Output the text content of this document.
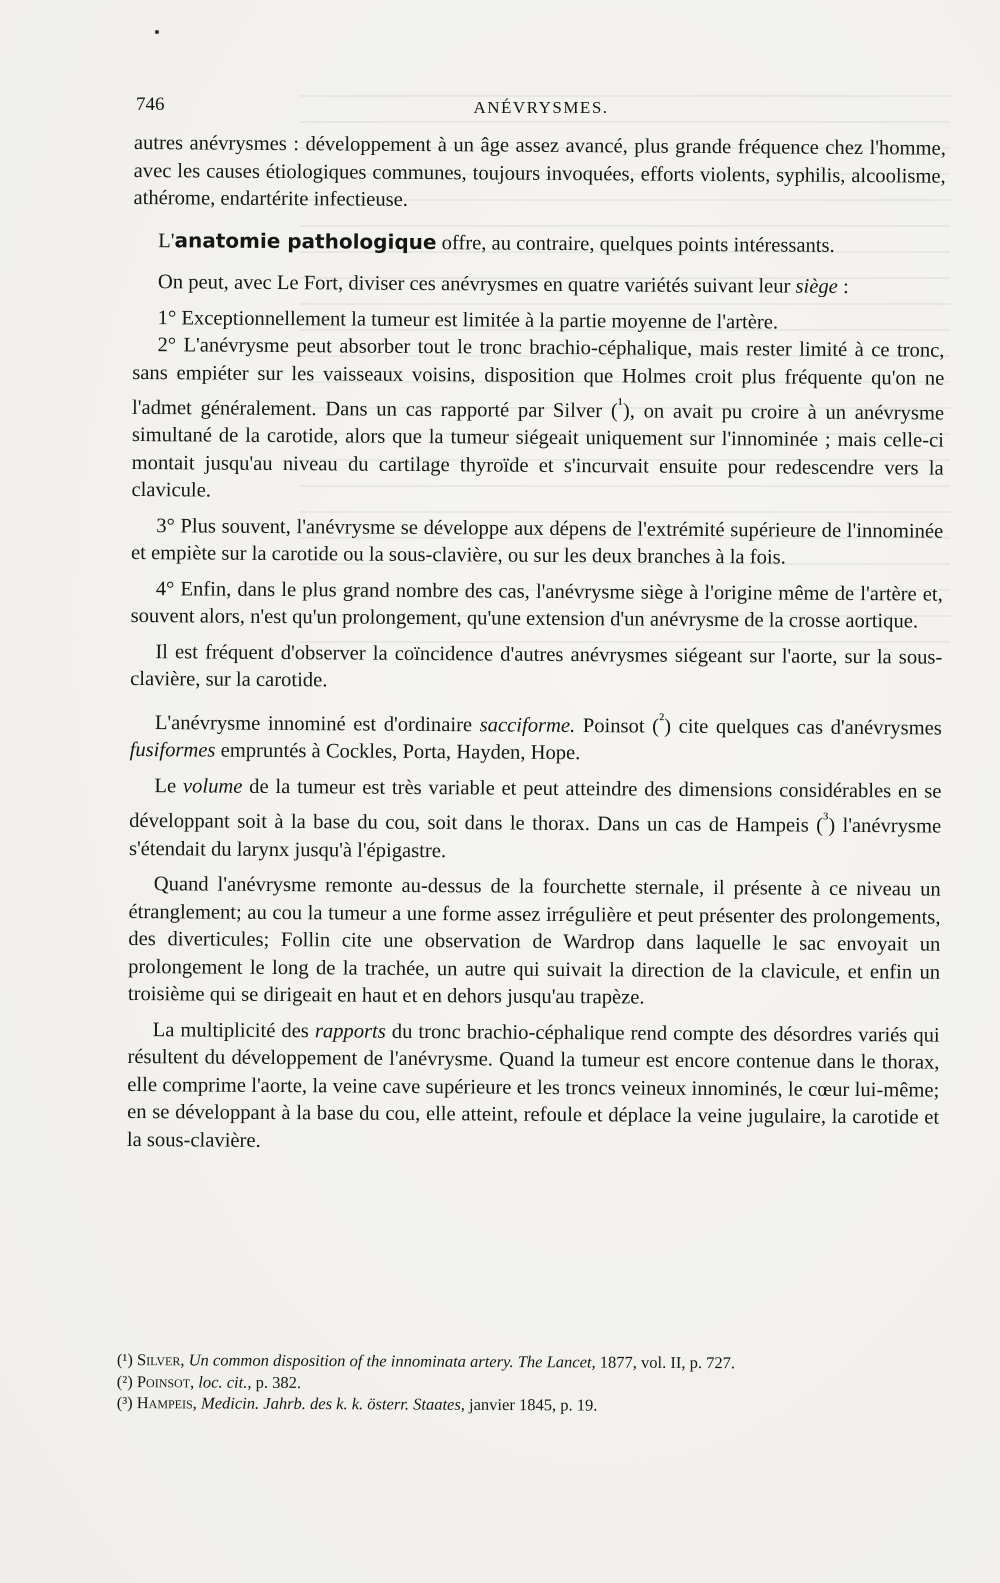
746	ANÉVRYSMES.

autres anévrysmes : développement à un âge assez avancé, plus grande fréquence chez l'homme, avec les causes étiologiques communes, toujours invoquées, efforts violents, syphilis, alcoolisme, athérome, endartérite infectieuse.

L'anatomie pathologique offre, au contraire, quelques points intéressants.

On peut, avec Le Fort, diviser ces anévrysmes en quatre variétés suivant leur siège :

1° Exceptionnellement la tumeur est limitée à la partie moyenne de l'artère.

2° L'anévrysme peut absorber tout le tronc brachio-céphalique, mais rester limité à ce tronc, sans empiéter sur les vaisseaux voisins, disposition que Holmes croit plus fréquente qu'on ne l'admet généralement. Dans un cas rapporté par Silver ($^{^1}$), on avait pu croire à un anévrysme simultané de la carotide, alors que la tumeur siégeait uniquement sur l'innominée ; mais celle-ci montait jusqu'au niveau du cartilage thyroïde et s'incurvait ensuite pour redescendre vers la clavicule.

3° Plus souvent, l'anévrysme se développe aux dépens de l'extrémité supérieure de l'innominée et empiète sur la carotide ou la sous-clavière, ou sur les deux branches à la fois.

4° Enfin, dans le plus grand nombre des cas, l'anévrysme siège à l'origine même de l'artère et, souvent alors, n'est qu'un prolongement, qu'une extension d'un anévrysme de la crosse aortique.

Il est fréquent d'observer la coïncidence d'autres anévrysmes siégeant sur l'aorte, sur la sous-clavière, sur la carotide.

L'anévrysme innominé est d'ordinaire sacciforme. Poinsot ($^{^2}$) cite quelques cas d'anévrysmes fusiformes empruntés à Cockles, Porta, Hayden, Hope.

Le volume de la tumeur est très variable et peut atteindre des dimensions considérables en se développant soit à la base du cou, soit dans le thorax. Dans un cas de Hampeis ($^{^3}$) l'anévrysme s'étendait du larynx jusqu'à l'épigastre.

Quand l'anévrysme remonte au-dessus de la fourchette sternale, il présente à ce niveau un étranglement; au cou la tumeur a une forme assez irrégulière et peut présenter des prolongements, des diverticules; Follin cite une observation de Wardrop dans laquelle le sac envoyait un prolongement le long de la trachée, un autre qui suivait la direction de la clavicule, et enfin un troisième qui se dirigeait en haut et en dehors jusqu'au trapèze.

La multiplicité des rapports du tronc brachio-céphalique rend compte des désordres variés qui résultent du développement de l'anévrysme. Quand la tumeur est encore contenue dans le thorax, elle comprime l'aorte, la veine cave supérieure et les troncs veineux innominés, le cœur lui-même; en se développant à la base du cou, elle atteint, refoule et déplace la veine jugulaire, la carotide et la sous-clavière.

(¹) Silver, Un common disposition of the innominata artery. The Lancet, 1877, vol. II, p. 727.

(²) Poinsot, loc. cit., p. 382.

(³) Hampeis, Medicin. Jahrb. des k. k. österr. Staates, janvier 1845, p. 19.
